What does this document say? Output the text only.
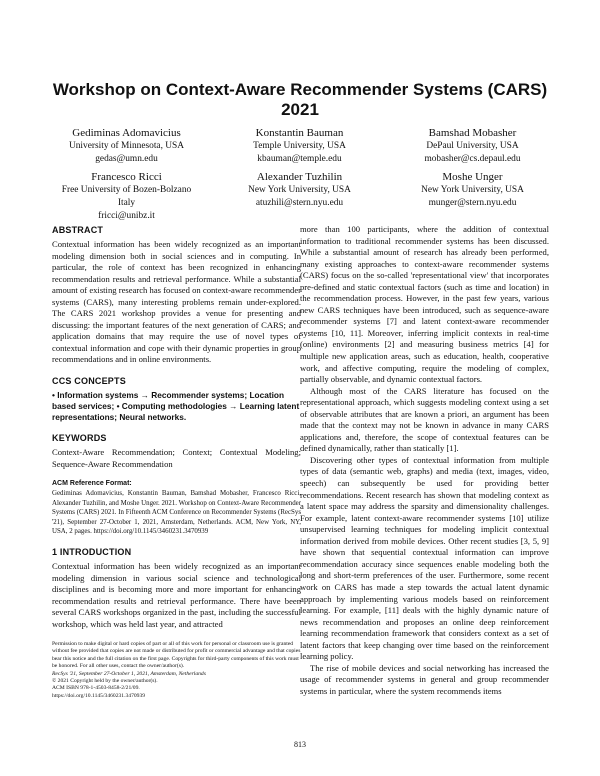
Workshop on Context-Aware Recommender Systems (CARS) 2021
Gediminas Adomavicius
University of Minnesota, USA
gedas@umn.edu
Konstantin Bauman
Temple University, USA
kbauman@temple.edu
Bamshad Mobasher
DePaul University, USA
mobasher@cs.depaul.edu
Francesco Ricci
Free University of Bozen-Bolzano
Italy
fricci@unibz.it
Alexander Tuzhilin
New York University, USA
atuzhili@stern.nyu.edu
Moshe Unger
New York University, USA
munger@stern.nyu.edu
ABSTRACT

Contextual information has been widely recognized as an important modeling dimension both in social sciences and in computing. In particular, the role of context has been recognized in enhancing recommendation results and retrieval performance. While a substantial amount of existing research has focused on context-aware recommender systems (CARS), many interesting problems remain under-explored. The CARS 2021 workshop provides a venue for presenting and discussing: the important features of the next generation of CARS; and application domains that may require the use of novel types of contextual information and cope with their dynamic properties in group recommendations and in online environments.

CCS CONCEPTS
• Information systems → Recommender systems; Location based services; • Computing methodologies → Learning latent representations; Neural networks.
KEYWORDS

Context-Aware Recommendation; Context; Contextual Modeling; Sequence-Aware Recommendation

ACM Reference Format:
Gediminas Adomavicius, Konstantin Bauman, Bamshad Mobasher, Francesco Ricci, Alexander Tuzhilin, and Moshe Unger. 2021. Workshop on Context-Aware Recommender Systems (CARS) 2021. In Fifteenth ACM Conference on Recommender Systems (RecSys '21), September 27-October 1, 2021, Amsterdam, Netherlands. ACM, New York, NY, USA, 2 pages. https://doi.org/10.1145/3460231.3470939
1 INTRODUCTION

Contextual information has been widely recognized as an important modeling dimension in various social science and technological disciplines and is becoming more and more important for enhancing recommendation results and retrieval performance. There have been several CARS workshops organized in the past, including the successful workshop, which was held last year, and attracted

Permission to make digital or hard copies of part or all of this work for personal or classroom use is granted without fee provided that copies are not made or distributed for profit or commercial advantage and that copies bear this notice and the full citation on the first page. Copyrights for third-party components of this work must be honored. For all other uses, contact the owner/author(s).

RecSys '21, September 27-October 1, 2021, Amsterdam, Netherlands

© 2021 Copyright held by the owner/author(s).

ACM ISBN 978-1-4503-8458-2/21/09.

https://doi.org/10.1145/3460231.3470939

more than 100 participants, where the addition of contextual information to traditional recommender systems has been discussed. While a substantial amount of research has already been performed, many existing approaches to context-aware recommender systems (CARS) focus on the so-called 'representational view' that incorporates pre-defined and static contextual factors (such as time and location) in the recommendation process. However, in the past few years, various new CARS techniques have been introduced, such as sequence-aware recommender systems [7] and latent context-aware recommender systems [10, 11]. Moreover, inferring implicit contexts in real-time (online) environments [2] and measuring business metrics [4] for multiple new application areas, such as education, health, cooperative work, and affective computing, require the modeling of complex, partially observable, and dynamic contextual factors.

Although most of the CARS literature has focused on the representational approach, which suggests modeling context using a set of observable attributes that are known a priori, an argument has been made that the context may not be known in advance in many CARS applications and, therefore, the scope of contextual features can be defined dynamically, rather than statically [1].

Discovering other types of contextual information from multiple types of data (semantic web, graphs) and media (text, images, video, speech) can subsequently be used for providing better recommendations. Recent research has shown that modeling context as a latent space may address the sparsity and dimensionality challenges. For example, latent context-aware recommender systems [10] utilize unsupervised learning techniques for modeling implicit contextual information derived from mobile devices. Other recent studies [3, 5, 9] have shown that sequential contextual information can improve recommendation accuracy since sequences enable modeling both the long and short-term preferences of the user. Furthermore, some recent work on CARS has made a step towards the actual latent dynamic approach by implementing various models based on reinforcement learning. For example, [11] deals with the highly dynamic nature of news recommendation and proposes an online deep reinforcement learning recommendation framework that considers context as a set of latent factors that keep changing over time based on the reinforcement learning policy.

The rise of mobile devices and social networking has increased the usage of recommender systems in general and group recommender systems in particular, where the system recommends items

813
